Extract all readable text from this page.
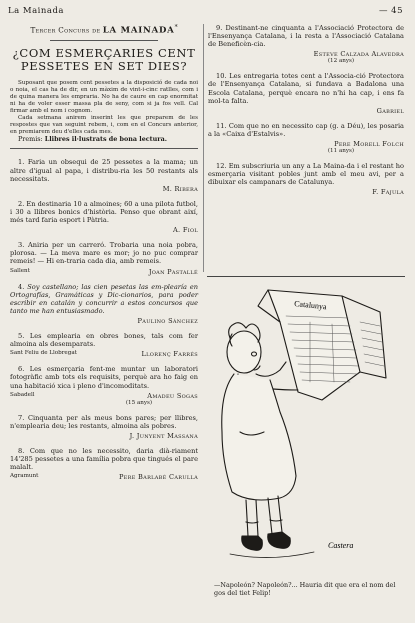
La Mainada	— 45
Tercer Concurs de LA MAINADA*
¿COM ESMERÇARIES CENT
PESSETES EN SET DIES?

Suposant que posem cent pessetes a la disposició de cada noi o noia, el cas ha de dir, en un màxim de vint-i-cinc ratlles, com i de quina manera les empraria. No ha de caure en cap enormitat ni ha de voler esser massa pla de seny, com si ja fos vell. Cal firmar amb el nom i cognom.

Cada setmana anirem inserint les que preparem de les respostes que van seguint rebem, i, com en el Concurs anterior, en premiarem deu d'elles cada mes.

Premis: Llibres il·lustrats de bona lectura.

1. Faria un obsequi de 25 pessetes a la mama; un altre d'igual al papa, i distribu-ria les 50 restants als necessitats.

M. Ribera

2. En destinaria 10 a almoines; 60 a una pilota futbol, i 30 a llibres bonics d'història. Penso que obrant així, més tard faria esport i Pàtria.

A. Fiol

3. Aniria per un carreró. Trobaria una noia pobra, plorosa. — La meva mare es mor; jo no puc comprar remeis! — Hi en-traria cada dia, amb remeis.

Sallent	Joan Pastallé

4. Soy castellano; las cien pesetas las em-plearía en Ortografías, Gramáticas y Dic-cionarios, para poder escribir en catalán y concurrir a estos concursos que tanto me han entusiasmado.

Paulino Sánchez

5. Les emplearia en obres bones, tals com fer almoina als desemparats.

Sant Feliu de Llobregat	Llorenç Farrés

6. Les esmerçaria fent-me muntar un laboratori fotogràfic amb tots els requisits, perquè ara ho faig en una habitació xica i pleno d'incomoditats.

Sabadell	Amadeu Sogas
(15 anys)

7. Cinquanta per als meus bons pares; per llibres, n'emplearia deu; les restants, almoina als pobres.

J. Junyent Massana

8. Com que no les necessito, daria dià-riament 14'285 pessetes a una família pobra que tingués el pare malalt.

Agramunt	Pere Barlabé Carulla

9. Destinant-ne cinquanta a l'Associació Protectora de l'Ensenyança Catalana, i la resta a l'Associació Catalana de Beneficèn-cia.

Esteve Calzada Alavedra
(12 anys)

10. Les entregaria totes cent a l'Associa-ció Protectora de l'Ensenyança Catalana, si fundava a Badalona una Escola Catalana, perquè encara no n'hi ha cap, i ens fa mol-ta falta.

Gabriel

11. Com que no en necessito cap (g. a Déu), les posaria a la «Caixa d'Estalvis».

Pere Morell Folch
(11 anys)

12. Em subscriuria un any a La Maina-da i el restant ho esmerçaria visitant pobles junt amb el meu avi, per a dibuixar els campanars de Catalunya.

F. Fajula
Catalunya
Castera
—Napoleón? Napoleón?... Hauria dit que era el nom del gos del tiet Felip!
